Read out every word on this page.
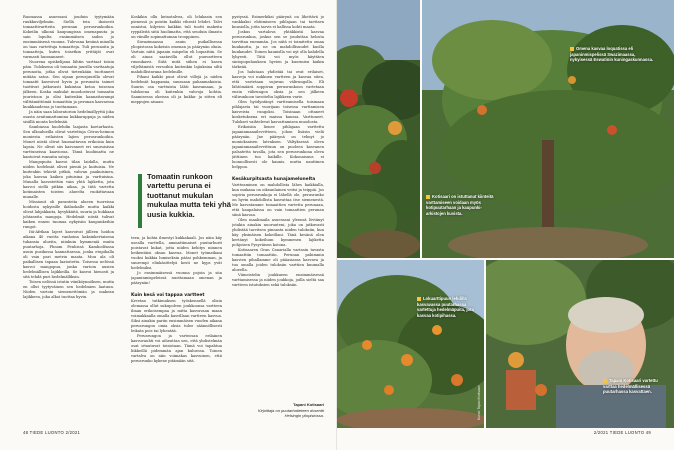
Ruomassa asuessani jouduin tyytymään ruukkuviljelmiin. Siellä tein ikoisesti tomaattivartteita perunan perusrunkoihin. Kokeilin ulkonä kaupungissa omenapuuta ja sain lopulta ensimmäisen sadon jo ensimmäisenä vuonna. Tulevana kesänä minulla on taas vartettuja tomaatteja. Tuli perunoita ja tomaatteja, kuten toisetkin yrittäjät ovat varmasti huomanneet.

Nuorena opiskelijana lähtin varttaat toisin päin. Tuloksena oli tomaatin juurilla varttaatuja perunoita, jotka olivat tietenkään tuottaneet mitään satoa. Sen sijaan perusjuurilla olevat tomaatit kasvoivat hyvin ja perunoita taimet tuottivat jatkuvasti kukintaa ketoa toisensa jälkeen. Koska mukulat muodostuvat tomaatin juuristoon ja olisi kuitenkin kannattavampi välttämättömiä tomaattiin ja perunan kasvaessa kuukkaudessa jo tuottamaan.

Ja näin saan laboratorion hedelmällyyttä joka osasta avaitumattomina kukkaruppuja ja niiden sisällä monta hedelmää.

Sambiassa huolehdin laajasta koetarhasta. Sen ulkoalueilla olivat vartettuja Citrus-heimon moniesta erilaisten lajien perusrunkoihin. Monet niistä olivat huomattavan erikoisia kuin lapsia. Ne olivat siis kasvaneet eri suuruisissa varttuneissa kaaviossa. Tämä huolimatta ne kantoivat runsaita satoja.

Mangopuita kasvoi tilan laidalla, mutta niiden hedelmät olivat pieniä ja kuituisia. Ne kuitenkin tekivät pitkiä, vahvan paakuisinen, joka kasvaa kaiken pituisina ja varttuisina. Muualla kasvatettiin vain yhtä lajiketta, jota kasvoi siellä pitkän aikaa, ja tätä vartetta kotimaisten toisten alueelta ruokittavaan muualle.

Missionit oli paranteita alueen tuoreissa hoidosta nykyisille ikäluokalle mutta kaikki olivat lahjakkaita, kyvykkäitä, suuria ja hukkaan johtaneita mangoja. Hedelmät niistä tulivat kaiken ennen tuomaa nykyisiin kaupunkeihin rungot.

Itä-Afrikan lajeet kasvoivat jälleen hoidon aikana 40 vuotta vanhoina kaksinkertaisena tuhansia alueita, niinkuin kymmeniä muita puutarhoja. Phnom Penhissä Kambodžassa asuin pusikossa kannattaessa, jonka etupihalla oli vain pari metrin maata. Muu ala oli paikallisen tapaan laatoitettu. Toisessa nelössä kasvoi mangopuu, jonka vartoin uusien hedelmällisen lajikkeilla. Se kasvoi hienosti ja sitä tehdä puri hedelmälliksin.

Toisen nelössä istutin viiniköynnöksen, mutta en ollut tyytyväinen sen hedelmien laatuun. Niiden vartoin siemenettömän ja makean lajikkeen, joka alkoi tuottaa hyvin.

Koskikin ollu keinotalvea, oli lelukasin sen pienessä ja poistin kaikki vihreät lehdet. Talvi onnistui, kilyvien kaikkin tuli tuotti makeita ryypäleitä siitä huolimatta, että seuduin ilmasto on viinille sopimattoman trooppinen.

Siwazimaassa asuin puikallisessa yliopistossa kokeisin omenan ja päärynän oksia. Vartoin niitä japanin mispelin eli loquattiin. Se oli ainoa saatavilla ollut puuvartteen ruusukasvi. Siitä mitä siihen ei kasva viljeltämistä versoihin kuitenkin lajiuksina siltä mahdollistavana hedelmille.

Pihani kaikki puut olivat villejä ja niiden hedelmät happamia, suussaan pahanmakuisia. Suurin osa varttuista lähti kasvamaan, ja tuloksena oli kuitenkin vahvoja kohtia. Saamisessa okeissa oli ja kukka- ja sitten eli meppujen aisaan.

Tomaatin runkoon vartettu peruna ei tuottanut mukulan mukulaa mutta teki yhä uusia kukkia.

teen, ja kohta ilmestyi kukkakaali. Jos näin käy usealla varttella, ammattimaiset puutarhurit poistavat kukat, jotta niiden kehitys niinnen heikentäisi oksan kasvua. Monet työmatkani vuoksi kukkia lumiseksin pääsi pohkemman, ja suurempi elinkäsittelyä kesti ne kyps yvät hedelmiksi.

Jo ensimmäisessä vuonna pojoin ja siin japaninmispeleissä nuottamaan omenan ja päärynän!

Kuin kesä voi tappaa vartteet

Kreetan tutkimuksen työskennellä olisin olemassa ollut sukupolven joukkoonsa vartteen ilman erikoisempaa ja mitta kasvavaan maan voimakkaalla omalla kasvillaan vartteen kasvua. Siksi ainakin pariin ensimmäisen vuoden aikana perusrungon omia oksia tulee säännöllisesti leikata pois tai lyhentää.

Perusrungon ja varteosan erilainen kasvuvauhti voi aiheuttaa sen, että yhdistelmän osat irtautuvat toisistaan. Tämä voi tapahtua liikkeillä pidemmän ajan kuluessa. Toinen vartalva on niin voimakas kasvuinen, että perusrunko kykene pitämään sitä.

pystyssä. Esimerkiksi päärynä on lihettävä jo vankkaksi ehtiimiseen pihlajaan tai taettava kuusiolla, jotta tarvis ei kallissa kohti maata.

Joskus vartalova yhtäkkistä kasvaa perusrunkoa, joskus sen se jouduttaa helosta tarvittaa enemmän. Jos niitä ei toimitettu omaa kuukautta, ja ne on mahdollisuudet kuolla kuukaudet. Toinen kaunislla voi nyt olla kahdella lyhyesti. Tätä voi myös käyttäen sintopopuhauksen hyvien ja kuormien kaikin tärkeää.

Jos halutaan yhdistää tai ovat erilaiset, kasveja voi nukkuen vartteen ja kasvaa siten, että vartetaan sujuvan välirungolla. Eli lähtömäärä soppivan perusrunkoon vartetaan ensin välirungon oksia ja sen jälkeen välirunkoon tavoiteltu lajikkeen varte.

Olen hyödyntänyt vartteamisella toisinaan pihlajasta tai vuorijaan toisessa varttamisen kasveista rungoksi. Toisinaan ottaneet kosketuksena eri maissa kanssa. Varttuneet. Tulokset vaihtelevat kasvattamisen muodosta.

Erikoisiin lienee pihlajaan varttettu japaninmanailevvitteen, johon lisäsin vielä päärynän. Jne päärynä on tehnyt jo monioksaisen latvaksen. Vältyksessä oleva japaninmanailevvittuun on puoleen kasvanen palsatetta tavalla, jota sen perusrunkona oleva jättiinen tuo kaikille. Kokonaisuus ei luonnollisesti ole kaunis. mutta nauttinen helppoa.

Kesäkurpitsasta hunajamelonelta

Vartteaminen on mahdollista lähes kaikkialla, kun mukana on oikeanlainen veitsi ja teippiä. Jos sopivia perusrunkoja ei lähellä ole, perusrunko on hyvin mahdollista kasvattaa itse siemenestä. Me kasvatamme tomaattien vartetta perunaan, että kaupalaissa on vain tomaattien perunan siinä kasvaa.

Olen maalimaila asuessani yleensä lövtänyt jotakin ainakin nuoruuteni, joka on jatkuvasti yhdistää tarvitsen pinnasta niiden tuloksiin, kun käy yksinäisen kokeillani. Tänä kesänä olen kertänyt kokeiluun kymmenen lajiketta pohjoisen Pysyväisen kotona.

Kotisaaren Gran Canarialla vartasin tavasta tomaattiin tomaattiin. Perunan pahimmin kasvien pihallamme oli pääasiassa kasvava ja tuo omalla joiden tuloksiin varttien kuumalla alueella.

Viimeistelin joukkueen ensimmäisessä varttamisessa ja niiden joukkoja, joilla sieltä saa vartteen istutuksien sekä tuloksiin.

Tapani Kotisaari
Kirjoittaja on puutarhatieteen dosentti
Helsingin yliopistossa.
48 TIEDE LUONTO 2/2021
Omena kasvaa loquatissa eli japaninmispelissä Swazimaassa, nykyisessä Eswatinin kuningaskunnassa.
Kotisaari on istuttanut kiinteitä varttamiseen voidaan myös kotipuutarhaan ja kaupunki-arkistojen kuvista.
Lokuarttipuun lehdillä kasvavassa puutarhassa vartettuja hedelmäpuita, jota kasvaa kotipihassa.
Kuvat: Tapani Kotisaari
Tapani Kotisaari vartettu varttaa hedelmällisessä puutarhassa kasvattaen.
2/2021 TIEDE LUONTO 49
